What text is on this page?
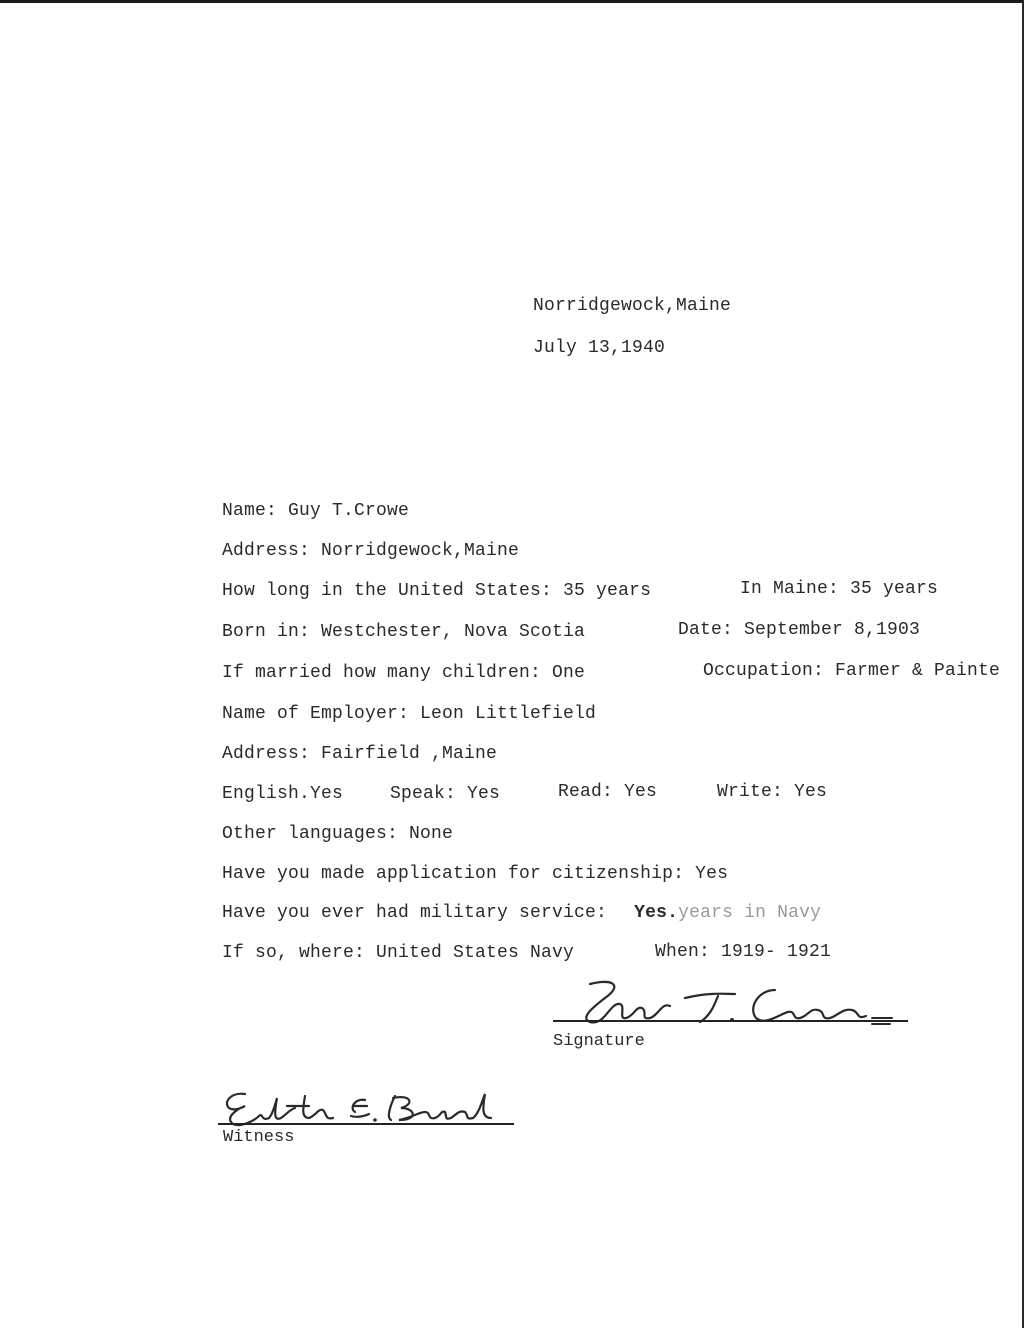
Norridgewock,Maine
July 13,1940
Name: Guy T.Crowe
Address: Norridgewock,Maine
How long in the United States: 35 years	In Maine: 35 years
Born in: Westchester, Nova Scotia	Date: September 8,1903
If married how many children: One	Occupation: Farmer & Painte
Name of Employer: Leon Littlefield
Address: Fairfield ,Maine
English.Yes	Speak: Yes	Read: Yes	Write: Yes
Other languages: None
Have you made application for citizenship: Yes
Have you ever had military service: Yes.years in Navy
If so, where: United States Navy	When: 1919- 1921
Signature
Witness
